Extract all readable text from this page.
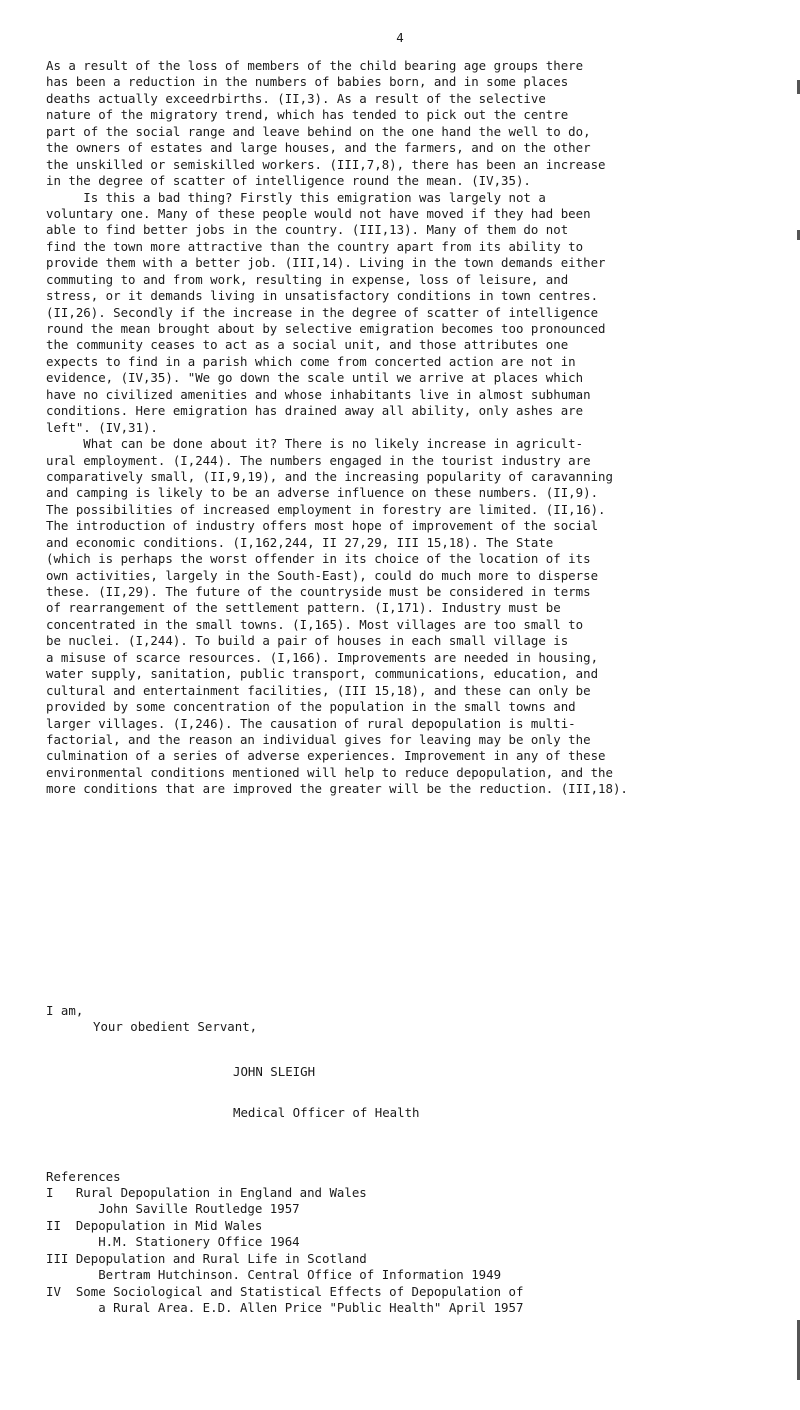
4
As a result of the loss of members of the child bearing age groups there
has been a reduction in the numbers of babies born, and in some places
deaths actually exceedrbirths. (II,3). As a result of the selective
nature of the migratory trend, which has tended to pick out the centre
part of the social range and leave behind on the one hand the well to do,
the owners of estates and large houses, and the farmers, and on the other
the unskilled or semiskilled workers. (III,7,8), there has been an increase
in the degree of scatter of intelligence round the mean. (IV,35).
Is this a bad thing? Firstly this emigration was largely not a
voluntary one. Many of these people would not have moved if they had been
able to find better jobs in the country. (III,13). Many of them do not
find the town more attractive than the country apart from its ability to
provide them with a better job. (III,14). Living in the town demands either
commuting to and from work, resulting in expense, loss of leisure, and
stress, or it demands living in unsatisfactory conditions in town centres.
(II,26). Secondly if the increase in the degree of scatter of intelligence
round the mean brought about by selective emigration becomes too pronounced
the community ceases to act as a social unit, and those attributes one
expects to find in a parish which come from concerted action are not in
evidence, (IV,35). "We go down the scale until we arrive at places which
have no civilized amenities and whose inhabitants live in almost subhuman
conditions. Here emigration has drained away all ability, only ashes are
left". (IV,31).
What can be done about it? There is no likely increase in agricult-
ural employment. (I,244). The numbers engaged in the tourist industry are
comparatively small, (II,9,19), and the increasing popularity of caravanning
and camping is likely to be an adverse influence on these numbers. (II,9).
The possibilities of increased employment in forestry are limited. (II,16).
The introduction of industry offers most hope of improvement of the social
and economic conditions. (I,162,244, II 27,29, III 15,18). The State
(which is perhaps the worst offender in its choice of the location of its
own activities, largely in the South-East), could do much more to disperse
these. (II,29). The future of the countryside must be considered in terms
of rearrangement of the settlement pattern. (I,171). Industry must be
concentrated in the small towns. (I,165). Most villages are too small to
be nuclei. (I,244). To build a pair of houses in each small village is
a misuse of scarce resources. (I,166). Improvements are needed in housing,
water supply, sanitation, public transport, communications, education, and
cultural and entertainment facilities, (III 15,18), and these can only be
provided by some concentration of the population in the small towns and
larger villages. (I,246). The causation of rural depopulation is multi-
factorial, and the reason an individual gives for leaving may be only the
culmination of a series of adverse experiences. Improvement in any of these
environmental conditions mentioned will help to reduce depopulation, and the
more conditions that are improved the greater will be the reduction. (III,18).
I am,
Your obedient Servant,
JOHN SLEIGH
Medical Officer of Health
References
I   Rural Depopulation in England and Wales
John Saville Routledge 1957
II  Depopulation in Mid Wales
H.M. Stationery Office 1964
III Depopulation and Rural Life in Scotland
Bertram Hutchinson. Central Office of Information 1949
IV  Some Sociological and Statistical Effects of Depopulation of
a Rural Area. E.D. Allen Price "Public Health" April 1957
